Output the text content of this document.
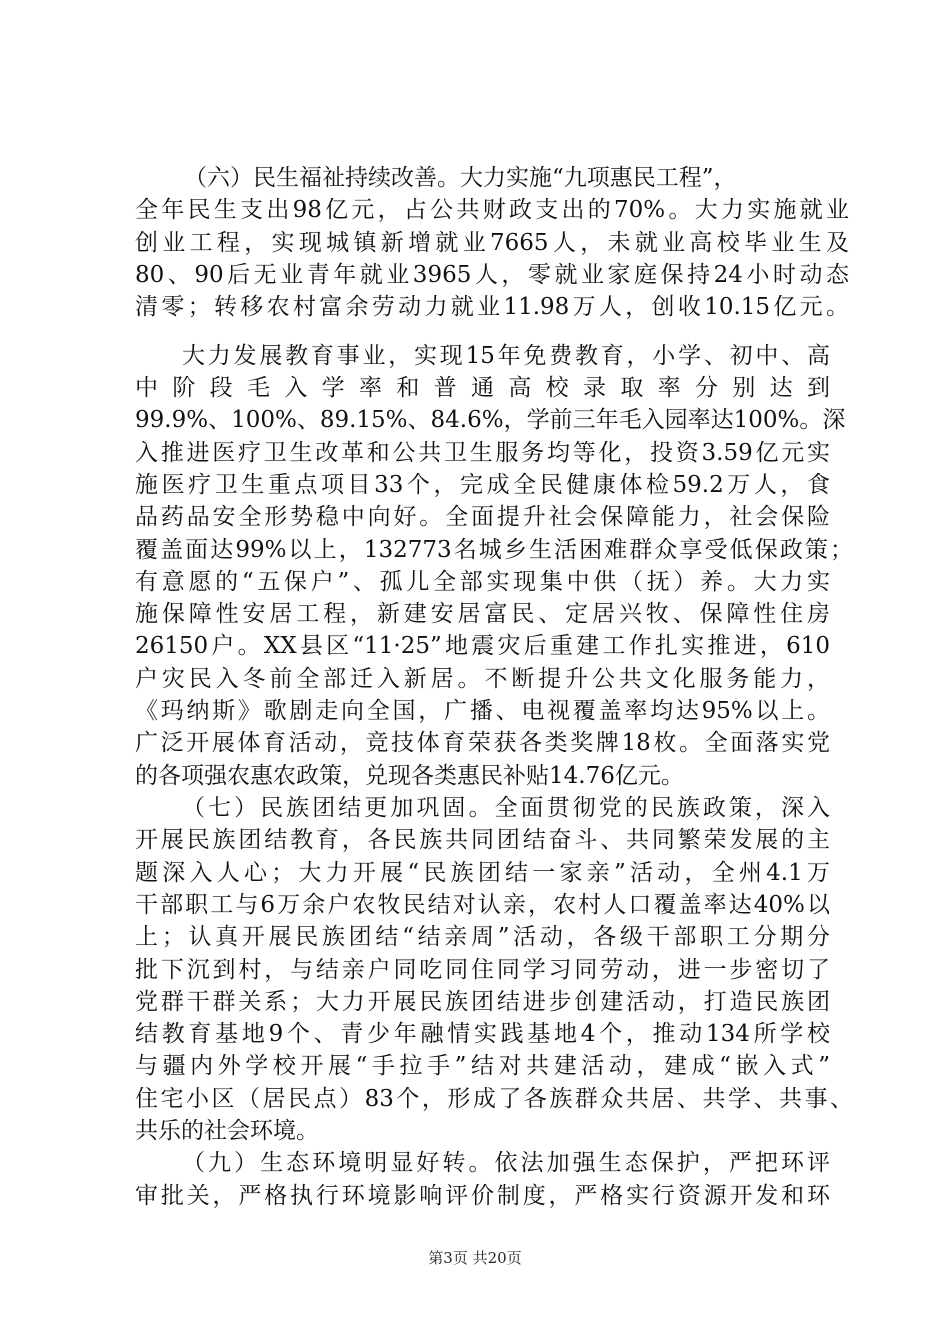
（六）民生福祉持续改善。大力实施“九项惠民工程”，

全年民生支出98亿元，占公共财政支出的70%。大力实施就业

创业工程，实现城镇新增就业7665人，未就业高校毕业生及

80、90后无业青年就业3965人，零就业家庭保持24小时动态

清零；转移农村富余劳动力就业11.98万人，创收10.15亿元。

大力发展教育事业，实现15年免费教育，小学、初中、高

中阶段毛入学率和普通高校录取率分别达到

99.9%、100%、89.15%、84.6%，学前三年毛入园率达100%。深

入推进医疗卫生改革和公共卫生服务均等化，投资3.59亿元实

施医疗卫生重点项目33个，完成全民健康体检59.2万人，食

品药品安全形势稳中向好。全面提升社会保障能力，社会保险

覆盖面达99%以上，132773名城乡生活困难群众享受低保政策；

有意愿的“五保户”、孤儿全部实现集中供（抚）养。大力实

施保障性安居工程，新建安居富民、定居兴牧、保障性住房

26150户。XX县区“11·25”地震灾后重建工作扎实推进，610

户灾民入冬前全部迁入新居。不断提升公共文化服务能力，

《玛纳斯》歌剧走向全国，广播、电视覆盖率均达95%以上。

广泛开展体育活动，竞技体育荣获各类奖牌18枚。全面落实党

的各项强农惠农政策，兑现各类惠民补贴14.76亿元。

（七）民族团结更加巩固。全面贯彻党的民族政策，深入

开展民族团结教育，各民族共同团结奋斗、共同繁荣发展的主

题深入人心；大力开展“民族团结一家亲”活动，全州4.1万

干部职工与6万余户农牧民结对认亲，农村人口覆盖率达40%以

上；认真开展民族团结“结亲周”活动，各级干部职工分期分

批下沉到村，与结亲户同吃同住同学习同劳动，进一步密切了

党群干群关系；大力开展民族团结进步创建活动，打造民族团

结教育基地9个、青少年融情实践基地4个，推动134所学校

与疆内外学校开展“手拉手”结对共建活动，建成“嵌入式”

住宅小区（居民点）83个，形成了各族群众共居、共学、共事、

共乐的社会环境。

（九）生态环境明显好转。依法加强生态保护，严把环评

审批关，严格执行环境影响评价制度，严格实行资源开发和环

第3页 共20页
